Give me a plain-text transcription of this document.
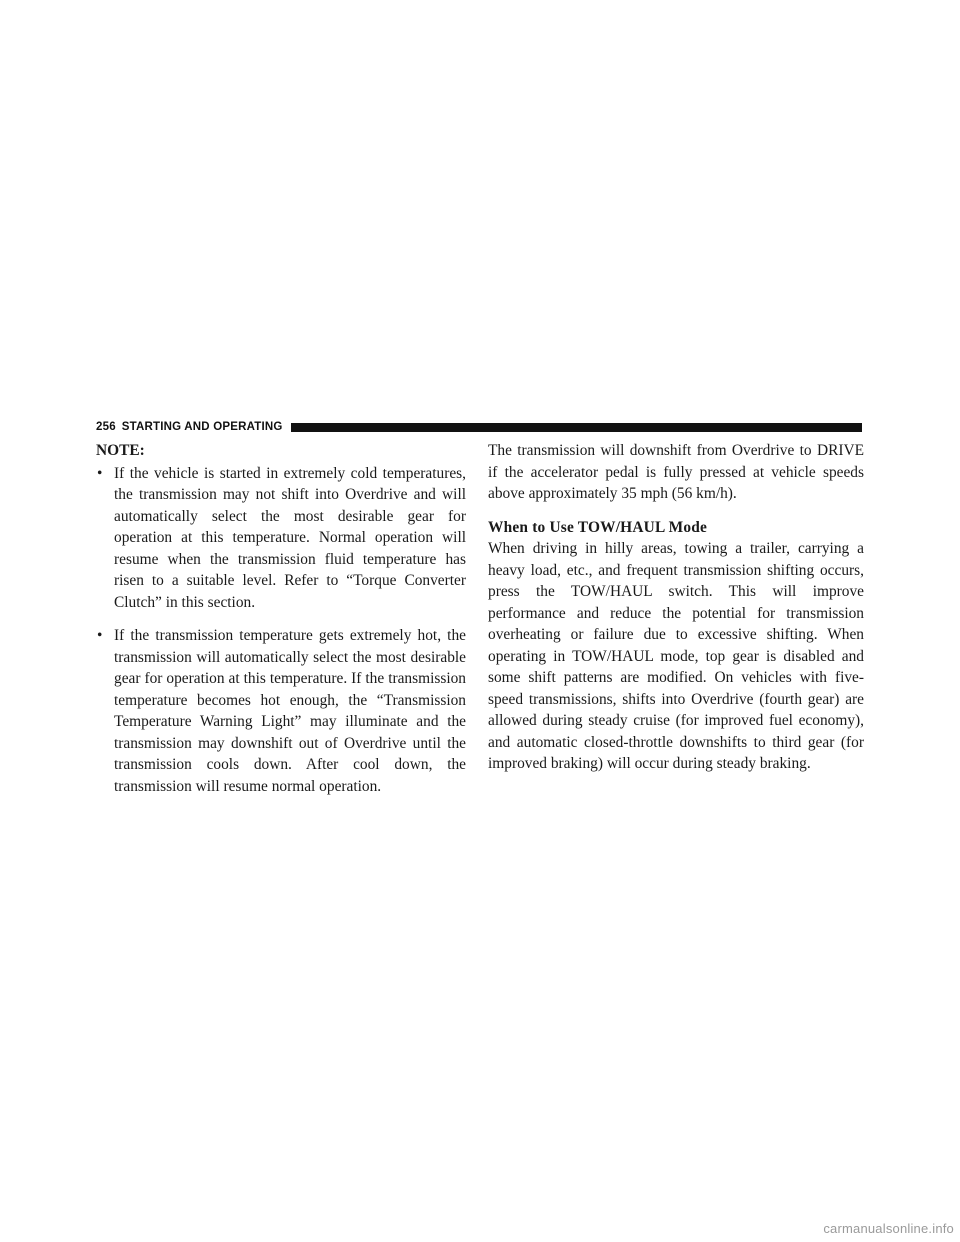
256 STARTING AND OPERATING

NOTE:

• If the vehicle is started in extremely cold temperatures, the transmission may not shift into Overdrive and will automatically select the most desirable gear for operation at this temperature. Normal operation will resume when the transmission fluid temperature has risen to a suitable level. Refer to “Torque Converter Clutch” in this section.
• If the transmission temperature gets extremely hot, the transmission will automatically select the most desirable gear for operation at this temperature. If the transmission temperature becomes hot enough, the “Transmission Temperature Warning Light” may illuminate and the transmission may downshift out of Overdrive until the transmission cools down. After cool down, the transmission will resume normal operation.

The transmission will downshift from Overdrive to DRIVE if the accelerator pedal is fully pressed at vehicle speeds above approximately 35 mph (56 km/h).

When to Use TOW/HAUL Mode

When driving in hilly areas, towing a trailer, carrying a heavy load, etc., and frequent transmission shifting occurs, press the TOW/HAUL switch. This will improve performance and reduce the potential for transmission overheating or failure due to excessive shifting. When operating in TOW/HAUL mode, top gear is disabled and some shift patterns are modified. On vehicles with five-speed transmissions, shifts into Overdrive (fourth gear) are allowed during steady cruise (for improved fuel economy), and automatic closed-throttle downshifts to third gear (for improved braking) will occur during steady braking.

carmanualsonline.info
